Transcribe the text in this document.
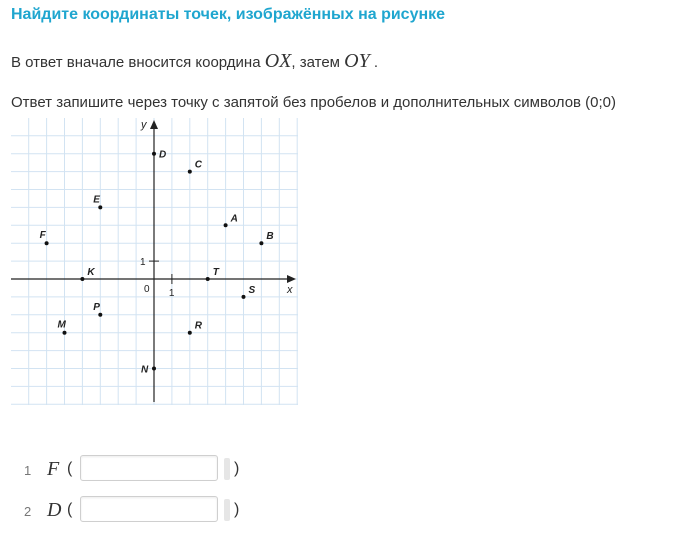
Найдите координаты точек, изображённых на рисунке
В ответ вначале вносится координа OX, затем OY .
Ответ запишите через точку с запятой без пробелов и дополнительных символов (0;0)
x
y
0 1
1
D
C
E
A
F	B
K	T
S
P
M	R
N
1 F (	)
2 D (	)
